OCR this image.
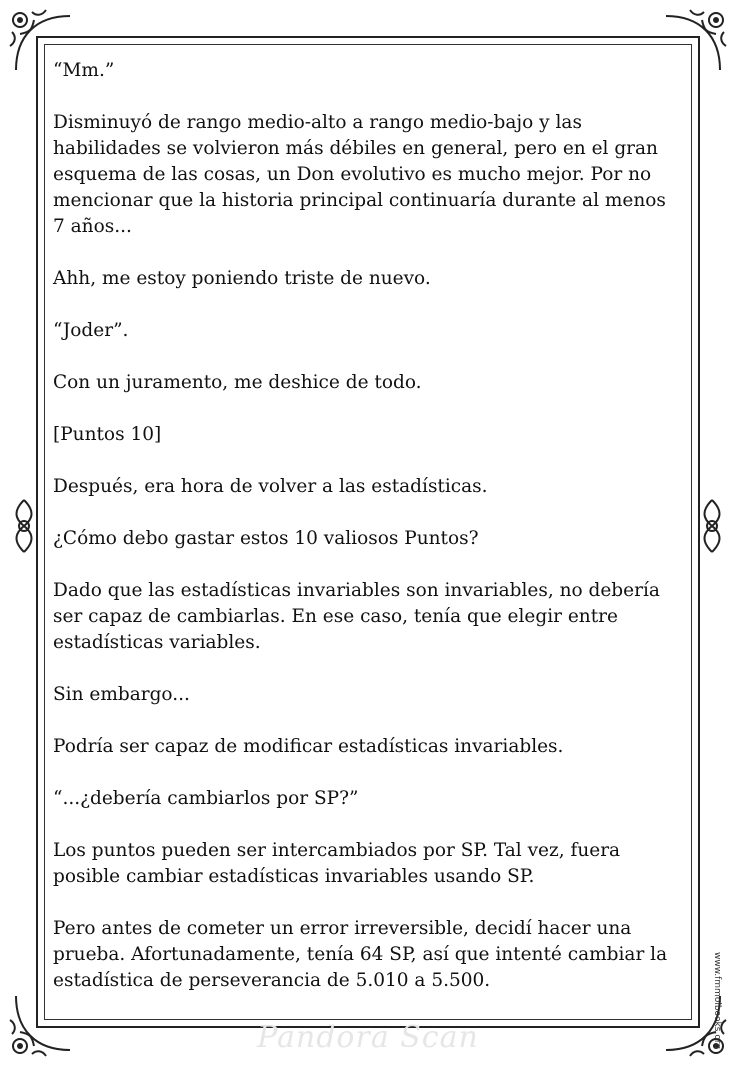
“Mm.”

Disminuyó de rango medio-alto a rango medio-bajo y las habilidades se volvieron más débiles en general, pero en el gran esquema de las cosas, un Don evolutivo es mucho mejor. Por no mencionar que la historia principal continuaría durante al menos 7 años...

Ahh, me estoy poniendo triste de nuevo.

“Joder”.

Con un juramento, me deshice de todo.

[Puntos 10]

Después, era hora de volver a las estadísticas.

¿Cómo debo gastar estos 10 valiosos Puntos?

Dado que las estadísticas invariables son invariables, no debería ser capaz de cambiarlas. En ese caso, tenía que elegir entre estadísticas variables.

Sin embargo...

Podría ser capaz de modificar estadísticas invariables.

“...¿debería cambiarlos por SP?”

Los puntos pueden ser intercambiados por SP. Tal vez, fuera posible cambiar estadísticas invariables usando SP.

Pero antes de cometer un error irreversible, decidí hacer una prueba. Afortunadamente, tenía 64 SP, así que intenté cambiar la estadística de perseverancia de 5.010 a 5.500.	www.fmmolbooks.org
Pandora Scan
